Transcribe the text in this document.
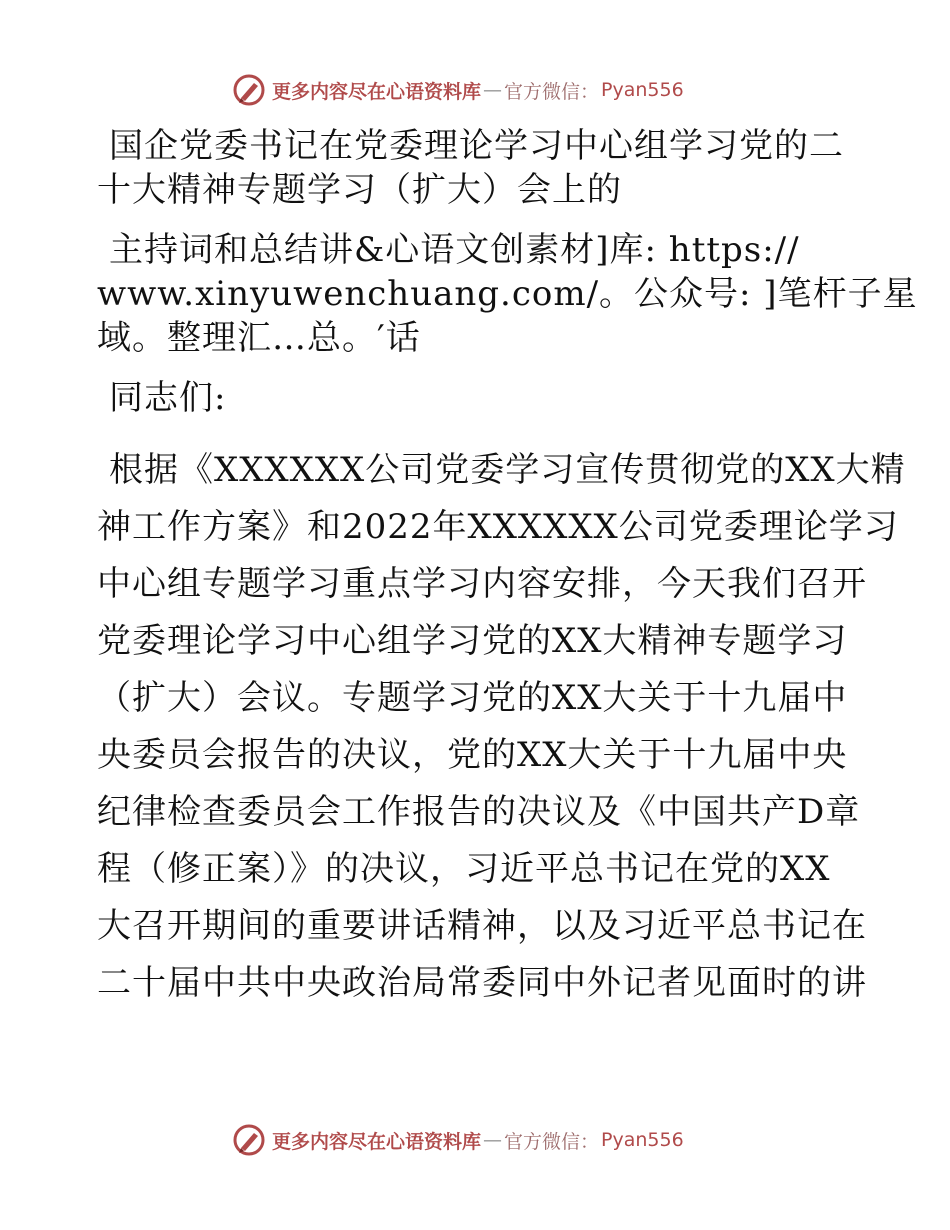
更多内容尽在心语资料库 — 官方微信： Pyan556
国企党委书记在党委理论学习中心组学习党的二
十大精神专题学习（扩大）会上的
主持词和总结讲&心语文创素材]库: https://
www.xinyuwenchuang.com/。公众号: ]笔杆子星
域。整理汇…总。′话
同志们:
根据《XXXXXX公司党委学习宣传贯彻党的XX大精
神工作方案》和2022年XXXXXX公司党委理论学习
中心组专题学习重点学习内容安排，今天我们召开
党委理论学习中心组学习党的XX大精神专题学习
（扩大）会议。专题学习党的XX大关于十九届中
央委员会报告的决议，党的XX大关于十九届中央
纪律检查委员会工作报告的决议及《中国共产D章
程（修正案）》的决议，习近平总书记在党的XX
大召开期间的重要讲话精神，以及习近平总书记在
二十届中共中央政治局常委同中外记者见面时的讲
更多内容尽在心语资料库 — 官方微信： Pyan556
